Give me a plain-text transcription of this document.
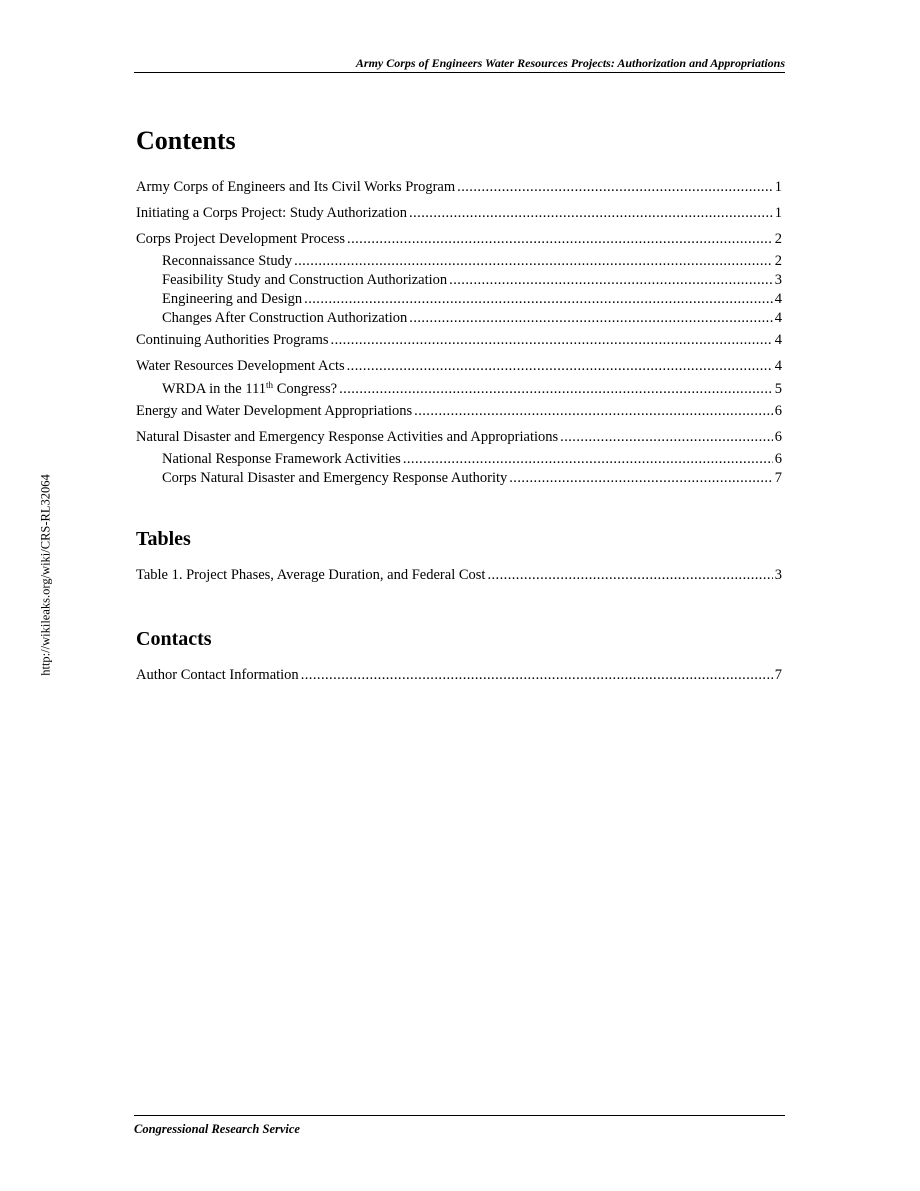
Army Corps of Engineers Water Resources Projects: Authorization and Appropriations
http://wikileaks.org/wiki/CRS-RL32064
Contents
Army Corps of Engineers and Its Civil Works Program . . .	1
Initiating a Corps Project: Study Authorization . . .	1
Corps Project Development Process . . .	2
Reconnaissance Study . . .	2
Feasibility Study and Construction Authorization . . .	3
Engineering and Design . . .	4
Changes After Construction Authorization . . .	4
Continuing Authorities Programs . . .	4
Water Resources Development Acts . . .	4
WRDA in the 111th Congress? . . .	5
Energy and Water Development Appropriations . . .	6
Natural Disaster and Emergency Response Activities and Appropriations . . .	6
National Response Framework Activities . . .	6
Corps Natural Disaster and Emergency Response Authority . . .	7
Tables
Table 1. Project Phases, Average Duration, and Federal Cost . . .	3
Contacts
Author Contact Information . . .	7
Congressional Research Service
